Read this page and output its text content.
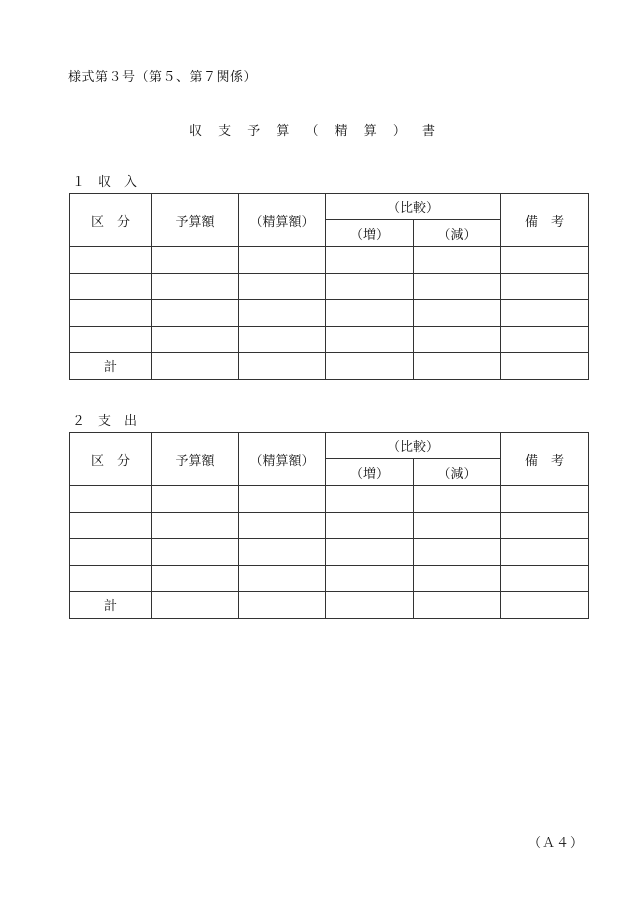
様式第３号（第５、第７関係）
収 支 予 算 （ 精 算 ） 書
１　収　入
区　分	予算額	（精算額）	（比較）		備　考
			（増）	（減）	

計					
２　支　出
区　分	予算額	（精算額）	（比較）		備　考
			（増）	（減）	

計					
（Ａ４）
